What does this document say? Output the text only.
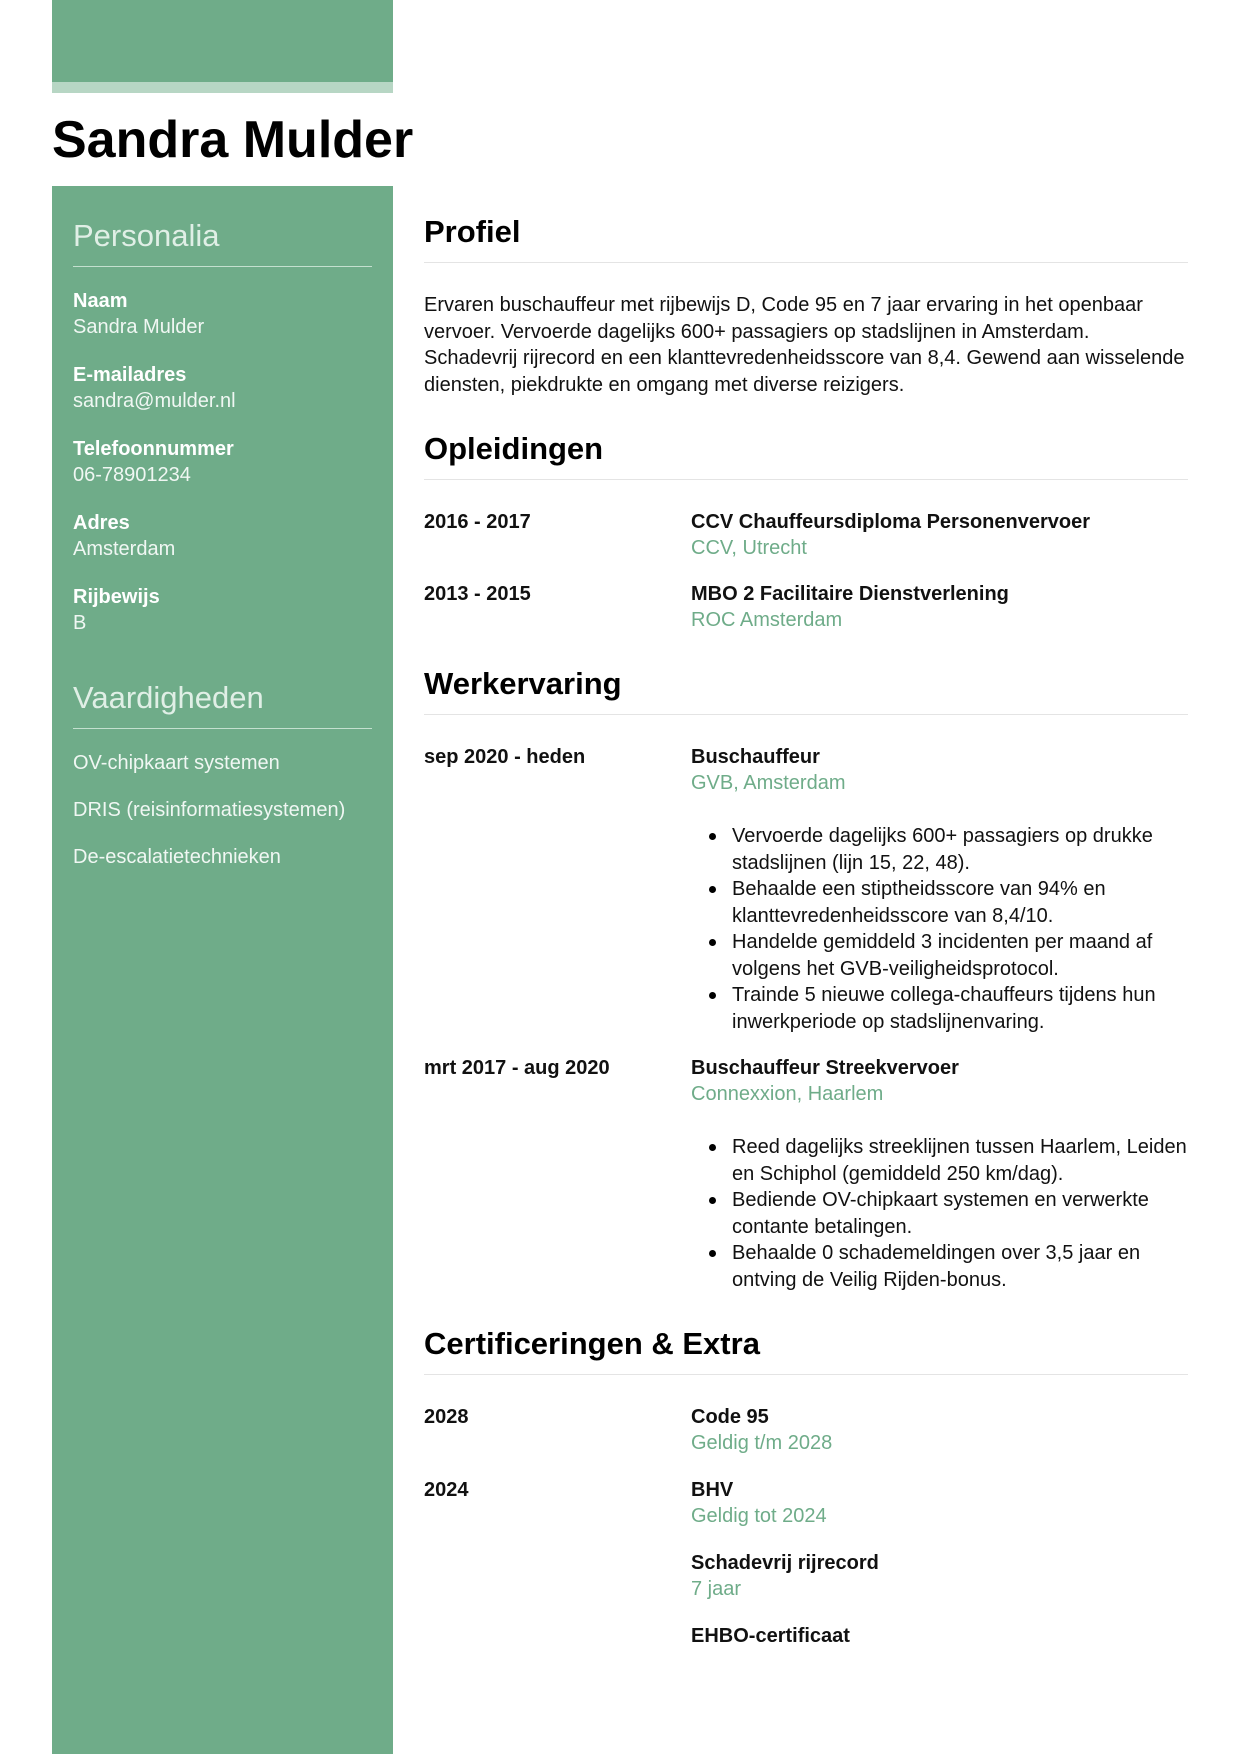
Sandra Mulder
Personalia
Naam
Sandra Mulder
E-mailadres
sandra@mulder.nl
Telefoonnummer
06-78901234
Adres
Amsterdam
Rijbewijs
B
Vaardigheden
OV-chipkaart systemen
DRIS (reisinformatiesystemen)
De-escalatietechnieken
Profiel

Ervaren buschauffeur met rijbewijs D, Code 95 en 7 jaar ervaring in het openbaar vervoer. Vervoerde dagelijks 600+ passagiers op stadslijnen in Amsterdam. Schadevrij rijrecord en een klanttevredenheidsscore van 8,4. Gewend aan wisselende diensten, piekdrukte en omgang met diverse reizigers.

Opleidingen
2016 - 2017	CCV Chauffeursdiploma Personenvervoer
CCV, Utrecht
2013 - 2015	MBO 2 Facilitaire Dienstverlening
ROC Amsterdam
Werkervaring
sep 2020 - heden	Buschauffeur
GVB, Amsterdam
Vervoerde dagelijks 600+ passagiers op drukke stadslijnen (lijn 15, 22, 48).
Behaalde een stiptheidsscore van 94% en klanttevredenheidsscore van 8,4/10.
Handelde gemiddeld 3 incidenten per maand af volgens het GVB-veiligheidsprotocol.
Trainde 5 nieuwe collega-chauffeurs tijdens hun inwerkperiode op stadslijnenvaring.
mrt 2017 - aug 2020	Buschauffeur Streekvervoer
Connexxion, Haarlem
Reed dagelijks streeklijnen tussen Haarlem, Leiden en Schiphol (gemiddeld 250 km/dag).
Bediende OV-chipkaart systemen en verwerkte contante betalingen.
Behaalde 0 schademeldingen over 3,5 jaar en ontving de Veilig Rijden-bonus.
Certificeringen & Extra
2028	Code 95
Geldig t/m 2028
2024	BHV
Geldig tot 2024
Schadevrij rijrecord
7 jaar
EHBO-certificaat
